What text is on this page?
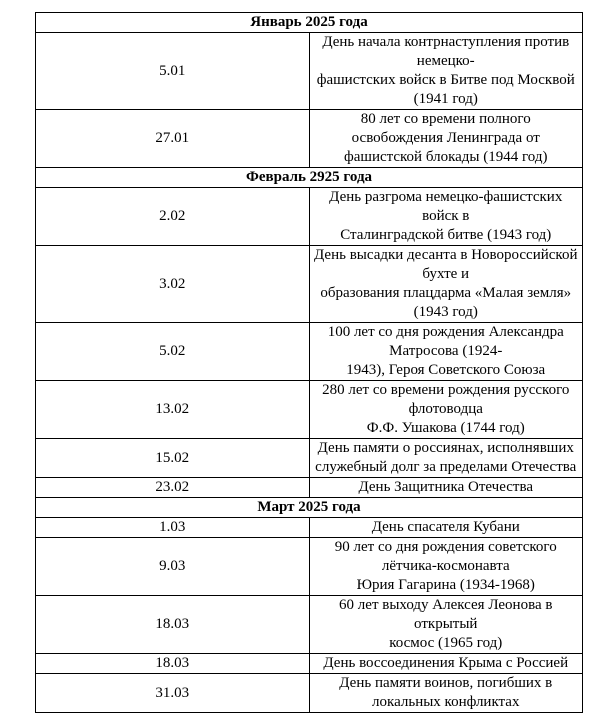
Январь 2025 года	
5.01	День начала контрнаступления против немецко-
фашистских войск в Битве под Москвой (1941 год)
27.01	80 лет со времени полного освобождения Ленинграда от
фашистской блокады (1944 год)
Февраль 2925 года	
2.02	День разгрома немецко-фашистских войск в
Сталинградской битве (1943 год)
3.02	День высадки десанта в Новороссийской бухте и
образования плацдарма «Малая земля» (1943 год)
5.02	100 лет со дня рождения Александра Матросова (1924-
1943), Героя Советского Союза
13.02	280 лет со времени рождения русского флотоводца
Ф.Ф. Ушакова (1744 год)
15.02	День памяти о россиянах, исполнявших
служебный долг за пределами Отечества
23.02	День Защитника Отечества
Март 2025 года	
1.03	День спасателя Кубани
9.03	90 лет со дня рождения советского лётчика-космонавта
Юрия Гагарина (1934-1968)
18.03	60 лет выходу Алексея Леонова в открытый
космос (1965 год)
18.03	День воссоединения Крыма с Россией
31.03	День памяти воинов, погибших в локальных конфликтах
